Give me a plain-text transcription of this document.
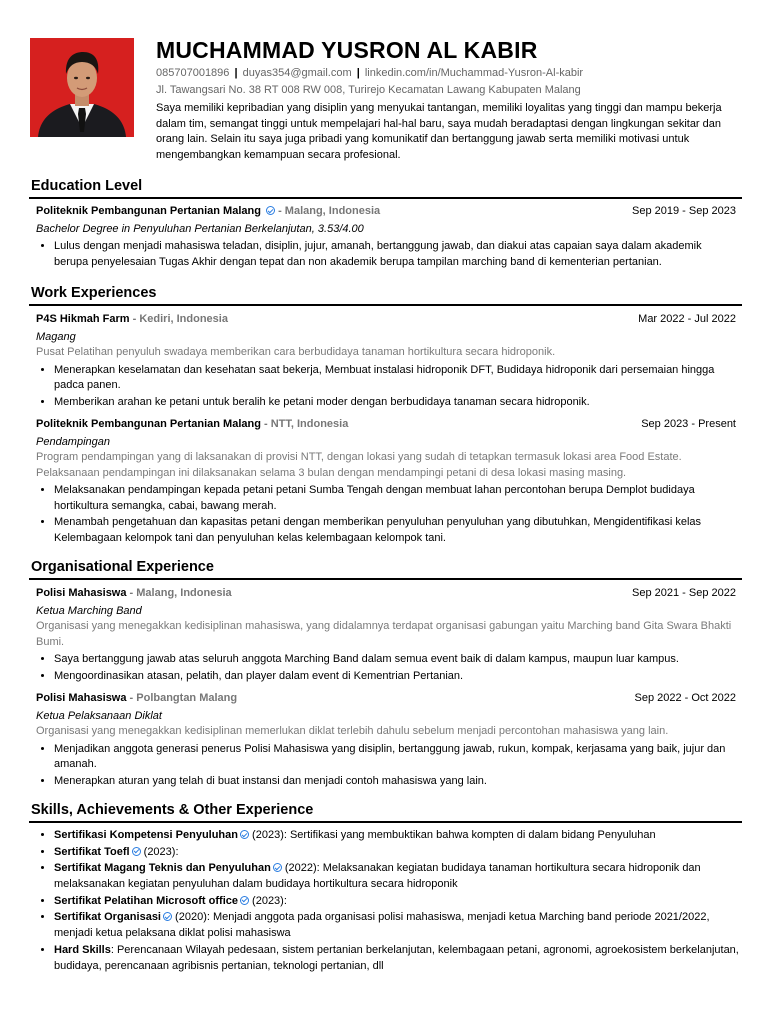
MUCHAMMAD YUSRON AL KABIR
085707001896 | duyas354@gmail.com | linkedin.com/in/Muchammad-Yusron-Al-kabir
Jl. Tawangsari No. 38 RT 008 RW 008, Turirejo Kecamatan Lawang Kabupaten Malang
Saya memiliki kepribadian yang disiplin yang menyukai tantangan, memiliki loyalitas yang tinggi dan mampu bekerja dalam tim, semangat tinggi untuk mempelajari hal-hal baru, saya mudah beradaptasi dengan lingkungan sekitar dan orang lain. Selain itu saya juga pribadi yang komunikatif dan bertanggung jawab serta memiliki motivasi untuk mengembangkan kemampuan secara profesional.
Education Level
Politeknik Pembangunan Pertanian Malang - Malang, Indonesia	Sep 2019 - Sep 2023
Bachelor Degree in Penyuluhan Pertanian Berkelanjutan, 3.53/4.00
• Lulus dengan menjadi mahasiswa teladan, disiplin, jujur, amanah, bertanggung jawab, dan diakui atas capaian saya dalam akademik berupa penyelesaian Tugas Akhir dengan tepat dan non akademik berupa tampilan marching band di kementerian pertanian.
Work Experiences
P4S Hikmah Farm - Kediri, Indonesia	Mar 2022 - Jul 2022
Magang
Pusat Pelatihan penyuluh swadaya memberikan cara berbudidaya tanaman hortikultura secara hidroponik.
• Menerapkan keselamatan dan kesehatan saat bekerja, Membuat instalasi hidroponik DFT, Budidaya hidroponik dari persemaian hingga padca panen.
• Memberikan arahan ke petani untuk beralih ke petani moder dengan berbudidaya tanaman secara hidroponik.
Politeknik Pembangunan Pertanian Malang - NTT, Indonesia	Sep 2023 - Present
Pendampingan
Program pendampingan yang di laksanakan di provisi NTT, dengan lokasi yang sudah di tetapkan termasuk lokasi area Food Estate. Pelaksanaan pendampingan ini dilaksanakan selama 3 bulan dengan mendampingi petani di desa lokasi masing masing.
• Melaksanakan pendampingan kepada petani petani Sumba Tengah dengan membuat lahan percontohan berupa Demplot budidaya hortikultura semangka, cabai, bawang merah.
• Menambah pengetahuan dan kapasitas petani dengan memberikan penyuluhan penyuluhan yang dibutuhkan, Mengidentifikasi kelas Kelembagaan kelompok tani dan penyuluhan kelas kelembagaan kelompok tani.
Organisational Experience
Polisi Mahasiswa - Malang, Indonesia	Sep 2021 - Sep 2022
Ketua Marching Band
Organisasi yang menegakkan kedisiplinan mahasiswa, yang didalamnya terdapat organisasi gabungan yaitu Marching band Gita Swara Bhakti Bumi.
• Saya bertanggung jawab atas seluruh anggota Marching Band dalam semua event baik di dalam kampus, maupun luar kampus.
• Mengoordinasikan atasan, pelatih, dan player dalam event di Kementrian Pertanian.
Polisi Mahasiswa - Polbangtan Malang	Sep 2022 - Oct 2022
Ketua Pelaksanaan Diklat
Organisasi yang menegakkan kedisiplinan memerlukan diklat terlebih dahulu sebelum menjadi percontohan mahasiswa yang lain.
• Menjadikan anggota generasi penerus Polisi Mahasiswa yang disiplin, bertanggung jawab, rukun, kompak, kerjasama yang baik, jujur dan amanah.
• Menerapkan aturan yang telah di buat instansi dan menjadi contoh mahasiswa yang lain.
Skills, Achievements & Other Experience
• Sertifikasi Kompetensi Penyuluhan (2023): Sertifikasi yang membuktikan bahwa kompten di dalam bidang Penyuluhan
• Sertifikat Toefl (2023):
• Sertifikat Magang Teknis dan Penyuluhan (2022): Melaksanakan kegiatan budidaya tanaman hortikultura secara hidroponik dan melaksanakan kegiatan penyuluhan dalam budidaya hortikultura secara hidroponik
• Sertifikat Pelatihan Microsoft office (2023):
• Sertifikat Organisasi (2020): Menjadi anggota pada organisasi polisi mahasiswa, menjadi ketua Marching band periode 2021/2022, menjadi ketua pelaksana diklat polisi mahasiswa
• Hard Skills: Perencanaan Wilayah pedesaan, sistem pertanian berkelanjutan, kelembagaan petani, agronomi, agroekosistem berkelanjutan, budidaya, perencanaan agribisnis pertanian, teknologi pertanian, dll
